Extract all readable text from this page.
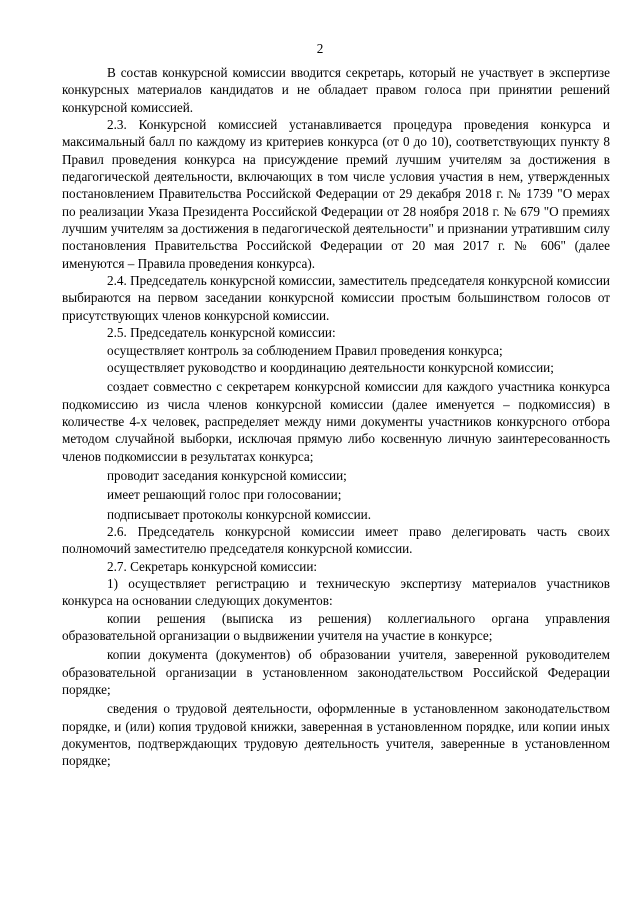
2

В состав конкурсной комиссии вводится секретарь, который не участвует в экспертизе конкурсных материалов кандидатов и не обладает правом голоса при принятии решений конкурсной комиссией.

2.3. Конкурсной комиссией устанавливается процедура проведения конкурса и максимальный балл по каждому из критериев конкурса (от 0 до 10), соответствующих пункту 8 Правил проведения конкурса на присуждение премий лучшим учителям за достижения в педагогической деятельности, включающих в том числе условия участия в нем, утвержденных постановлением Правительства Российской Федерации от 29 декабря 2018 г. № 1739 "О мерах по реализации Указа Президента Российской Федерации от 28 ноября 2018 г. № 679 "О премиях лучшим учителям за достижения в педагогической деятельности" и признании утратившим силу постановления Правительства Российской Федерации от 20 мая 2017 г. № 606" (далее именуются – Правила проведения конкурса).

2.4. Председатель конкурсной комиссии, заместитель председателя конкурсной комиссии выбираются на первом заседании конкурсной комиссии простым большинством голосов от присутствующих членов конкурсной комиссии.

2.5. Председатель конкурсной комиссии:

осуществляет контроль за соблюдением Правил проведения конкурса;

осуществляет руководство и координацию деятельности конкурсной комиссии;

создает совместно с секретарем конкурсной комиссии для каждого участника конкурса подкомиссию из числа членов конкурсной комиссии (далее именуется – подкомиссия) в количестве 4-х человек, распределяет между ними документы участников конкурсного отбора методом случайной выборки, исключая прямую либо косвенную личную заинтересованность членов подкомиссии в результатах конкурса;

проводит заседания конкурсной комиссии;

имеет решающий голос при голосовании;

подписывает протоколы конкурсной комиссии.

2.6. Председатель конкурсной комиссии имеет право делегировать часть своих полномочий заместителю председателя конкурсной комиссии.

2.7. Секретарь конкурсной комиссии:

1) осуществляет регистрацию и техническую экспертизу материалов участников конкурса на основании следующих документов:

копии решения (выписка из решения) коллегиального органа управления образовательной организации о выдвижении учителя на участие в конкурсе;

копии документа (документов) об образовании учителя, заверенной руководителем образовательной организации в установленном законодательством Российской Федерации порядке;

сведения о трудовой деятельности, оформленные в установленном законодательством порядке, и (или) копия трудовой книжки, заверенная в установленном порядке, или копии иных документов, подтверждающих трудовую деятельность учителя, заверенные в установленном порядке;
